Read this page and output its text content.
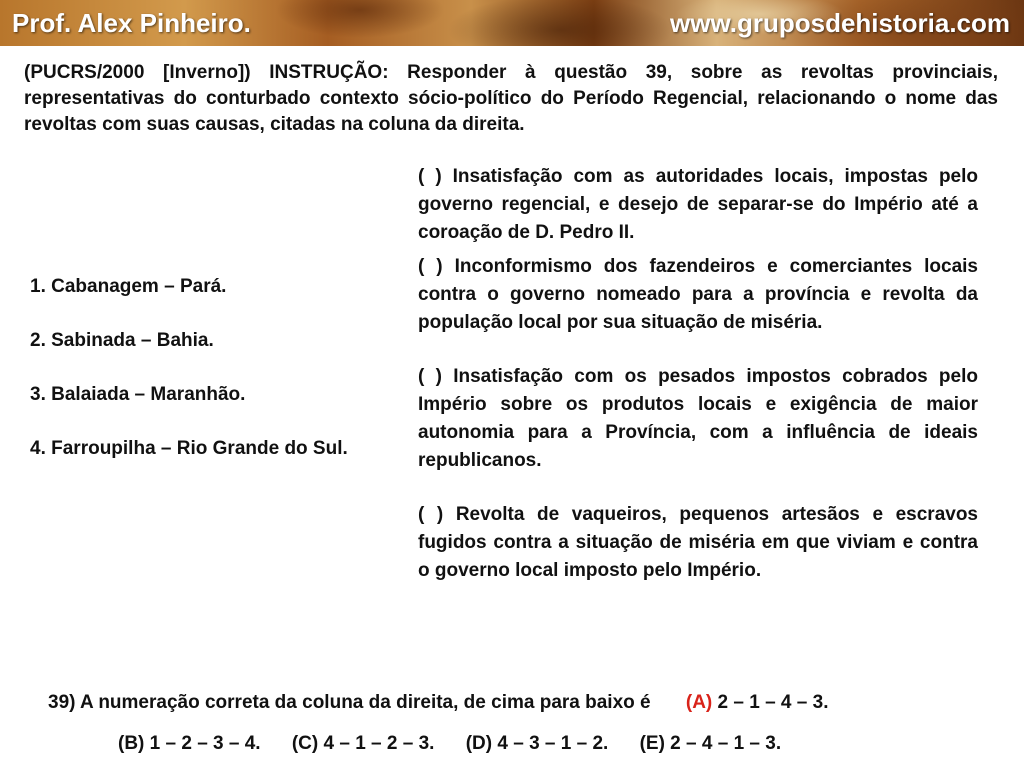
Prof. Alex Pinheiro.	www.gruposdehistoria.com
(PUCRS/2000 [Inverno]) INSTRUÇÃO: Responder à questão 39, sobre as revoltas provinciais, representativas do conturbado contexto sócio-político do Período Regencial, relacionando o nome das revoltas com suas causas, citadas na coluna da direita.
1. Cabanagem – Pará.
2. Sabinada – Bahia.
3. Balaiada – Maranhão.
4. Farroupilha – Rio Grande do Sul.
( ) Insatisfação com as autoridades locais, impostas pelo governo regencial, e desejo de separar-se do Império até a coroação de D. Pedro II.
( ) Inconformismo dos fazendeiros e comerciantes locais contra o governo nomeado para a província e revolta da população local por sua situação de miséria.
( ) Insatisfação com os pesados impostos cobrados pelo Império sobre os produtos locais e exigência de maior autonomia para a Província, com a influência de ideais republicanos.
( ) Revolta de vaqueiros, pequenos artesãos e escravos fugidos contra a situação de miséria em que viviam e contra o governo local imposto pelo Império.
39) A numeração correta da coluna da direita, de cima para baixo é (A) 2 – 1 – 4 – 3.
(B) 1 – 2 – 3 – 4. (C) 4 – 1 – 2 – 3. (D) 4 – 3 – 1 – 2. (E) 2 – 4 – 1 – 3.
